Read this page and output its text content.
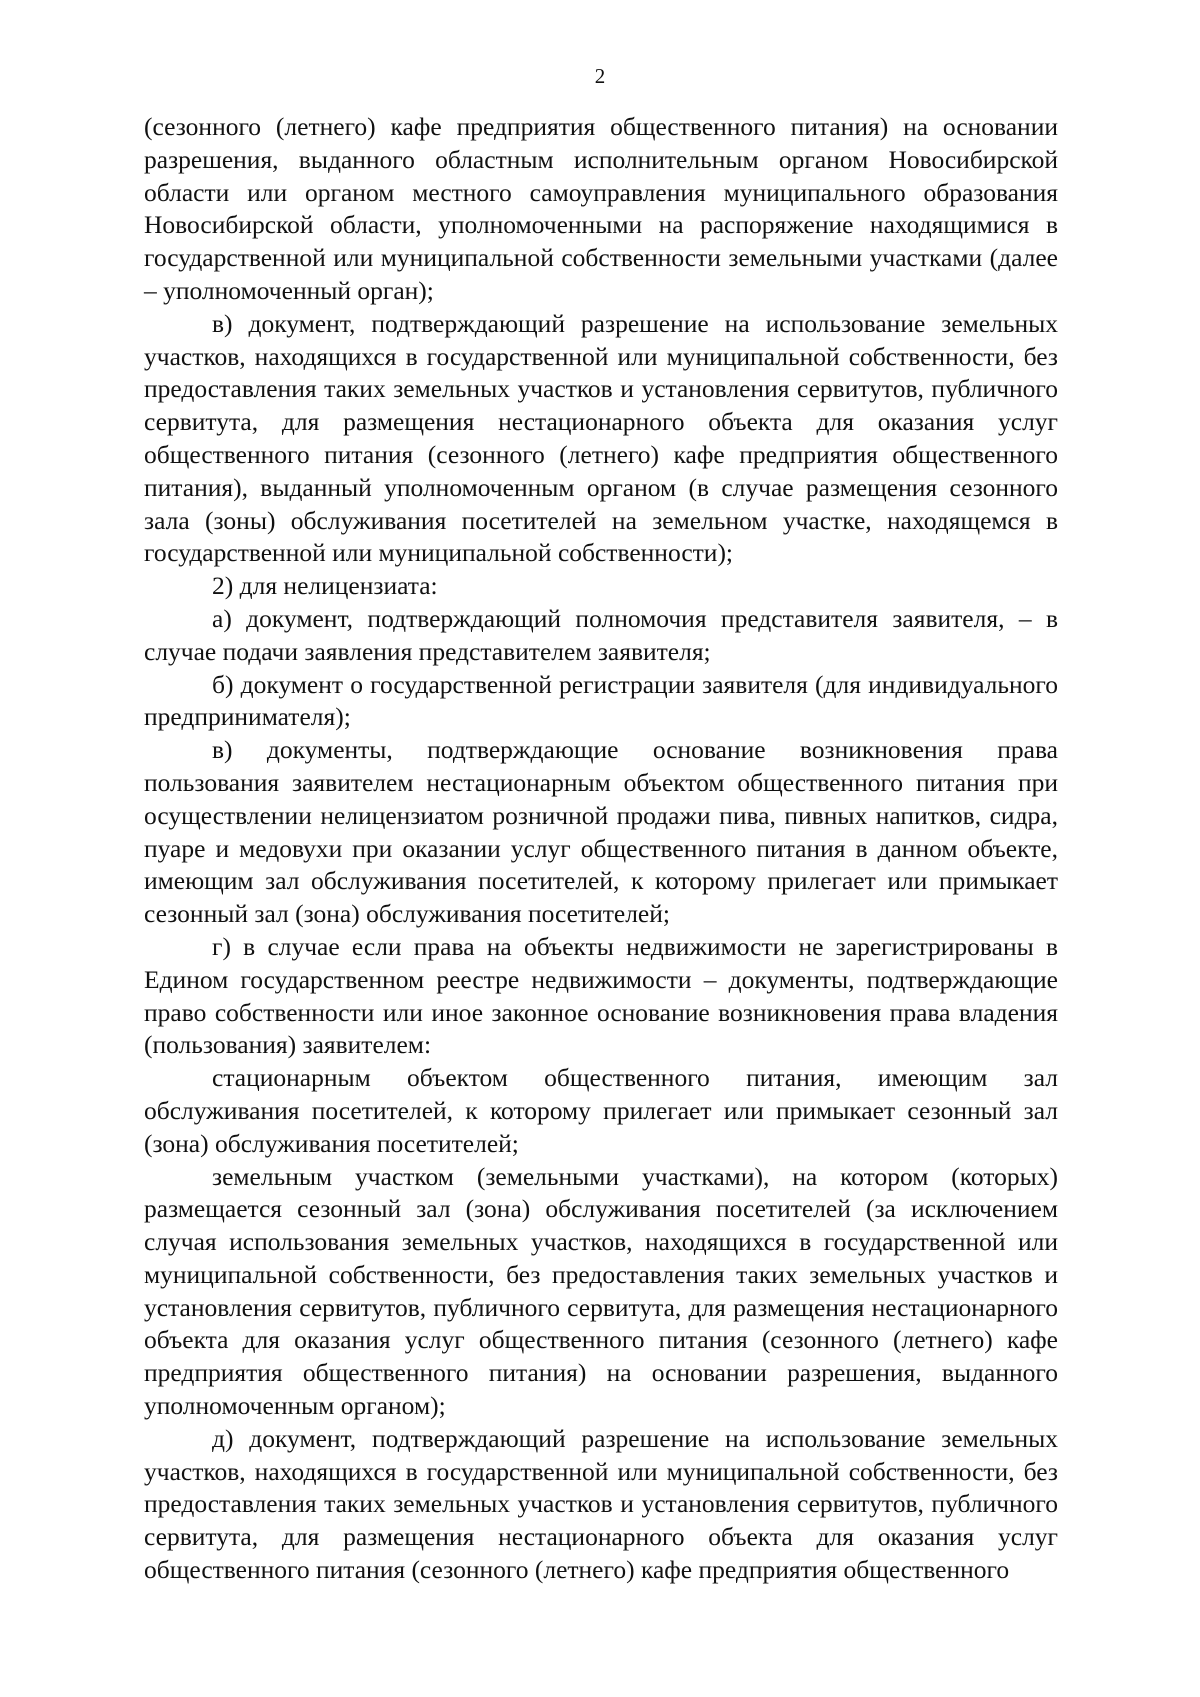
2

(сезонного (летнего) кафе предприятия общественного питания) на основании разрешения, выданного областным исполнительным органом Новосибирской области или органом местного самоуправления муниципального образования Новосибирской области, уполномоченными на распоряжение находящимися в государственной или муниципальной собственности земельными участками (далее – уполномоченный орган);

в) документ, подтверждающий разрешение на использование земельных участков, находящихся в государственной или муниципальной собственности, без предоставления таких земельных участков и установления сервитутов, публичного сервитута, для размещения нестационарного объекта для оказания услуг общественного питания (сезонного (летнего) кафе предприятия общественного питания), выданный уполномоченным органом (в случае размещения сезонного зала (зоны) обслуживания посетителей на земельном участке, находящемся в государственной или муниципальной собственности);

2) для нелицензиата:

а) документ, подтверждающий полномочия представителя заявителя, – в случае подачи заявления представителем заявителя;

б) документ о государственной регистрации заявителя (для индивидуального предпринимателя);

в) документы, подтверждающие основание возникновения права пользования заявителем нестационарным объектом общественного питания при осуществлении нелицензиатом розничной продажи пива, пивных напитков, сидра, пуаре и медовухи при оказании услуг общественного питания в данном объекте, имеющим зал обслуживания посетителей, к которому прилегает или примыкает сезонный зал (зона) обслуживания посетителей;

г) в случае если права на объекты недвижимости не зарегистрированы в Едином государственном реестре недвижимости – документы, подтверждающие право собственности или иное законное основание возникновения права владения (пользования) заявителем:

стационарным объектом общественного питания, имеющим зал обслуживания посетителей, к которому прилегает или примыкает сезонный зал (зона) обслуживания посетителей;

земельным участком (земельными участками), на котором (которых) размещается сезонный зал (зона) обслуживания посетителей (за исключением случая использования земельных участков, находящихся в государственной или муниципальной собственности, без предоставления таких земельных участков и установления сервитутов, публичного сервитута, для размещения нестационарного объекта для оказания услуг общественного питания (сезонного (летнего) кафе предприятия общественного питания) на основании разрешения, выданного уполномоченным органом);

д) документ, подтверждающий разрешение на использование земельных участков, находящихся в государственной или муниципальной собственности, без предоставления таких земельных участков и установления сервитутов, публичного сервитута, для размещения нестационарного объекта для оказания услуг общественного питания (сезонного (летнего) кафе предприятия общественного
